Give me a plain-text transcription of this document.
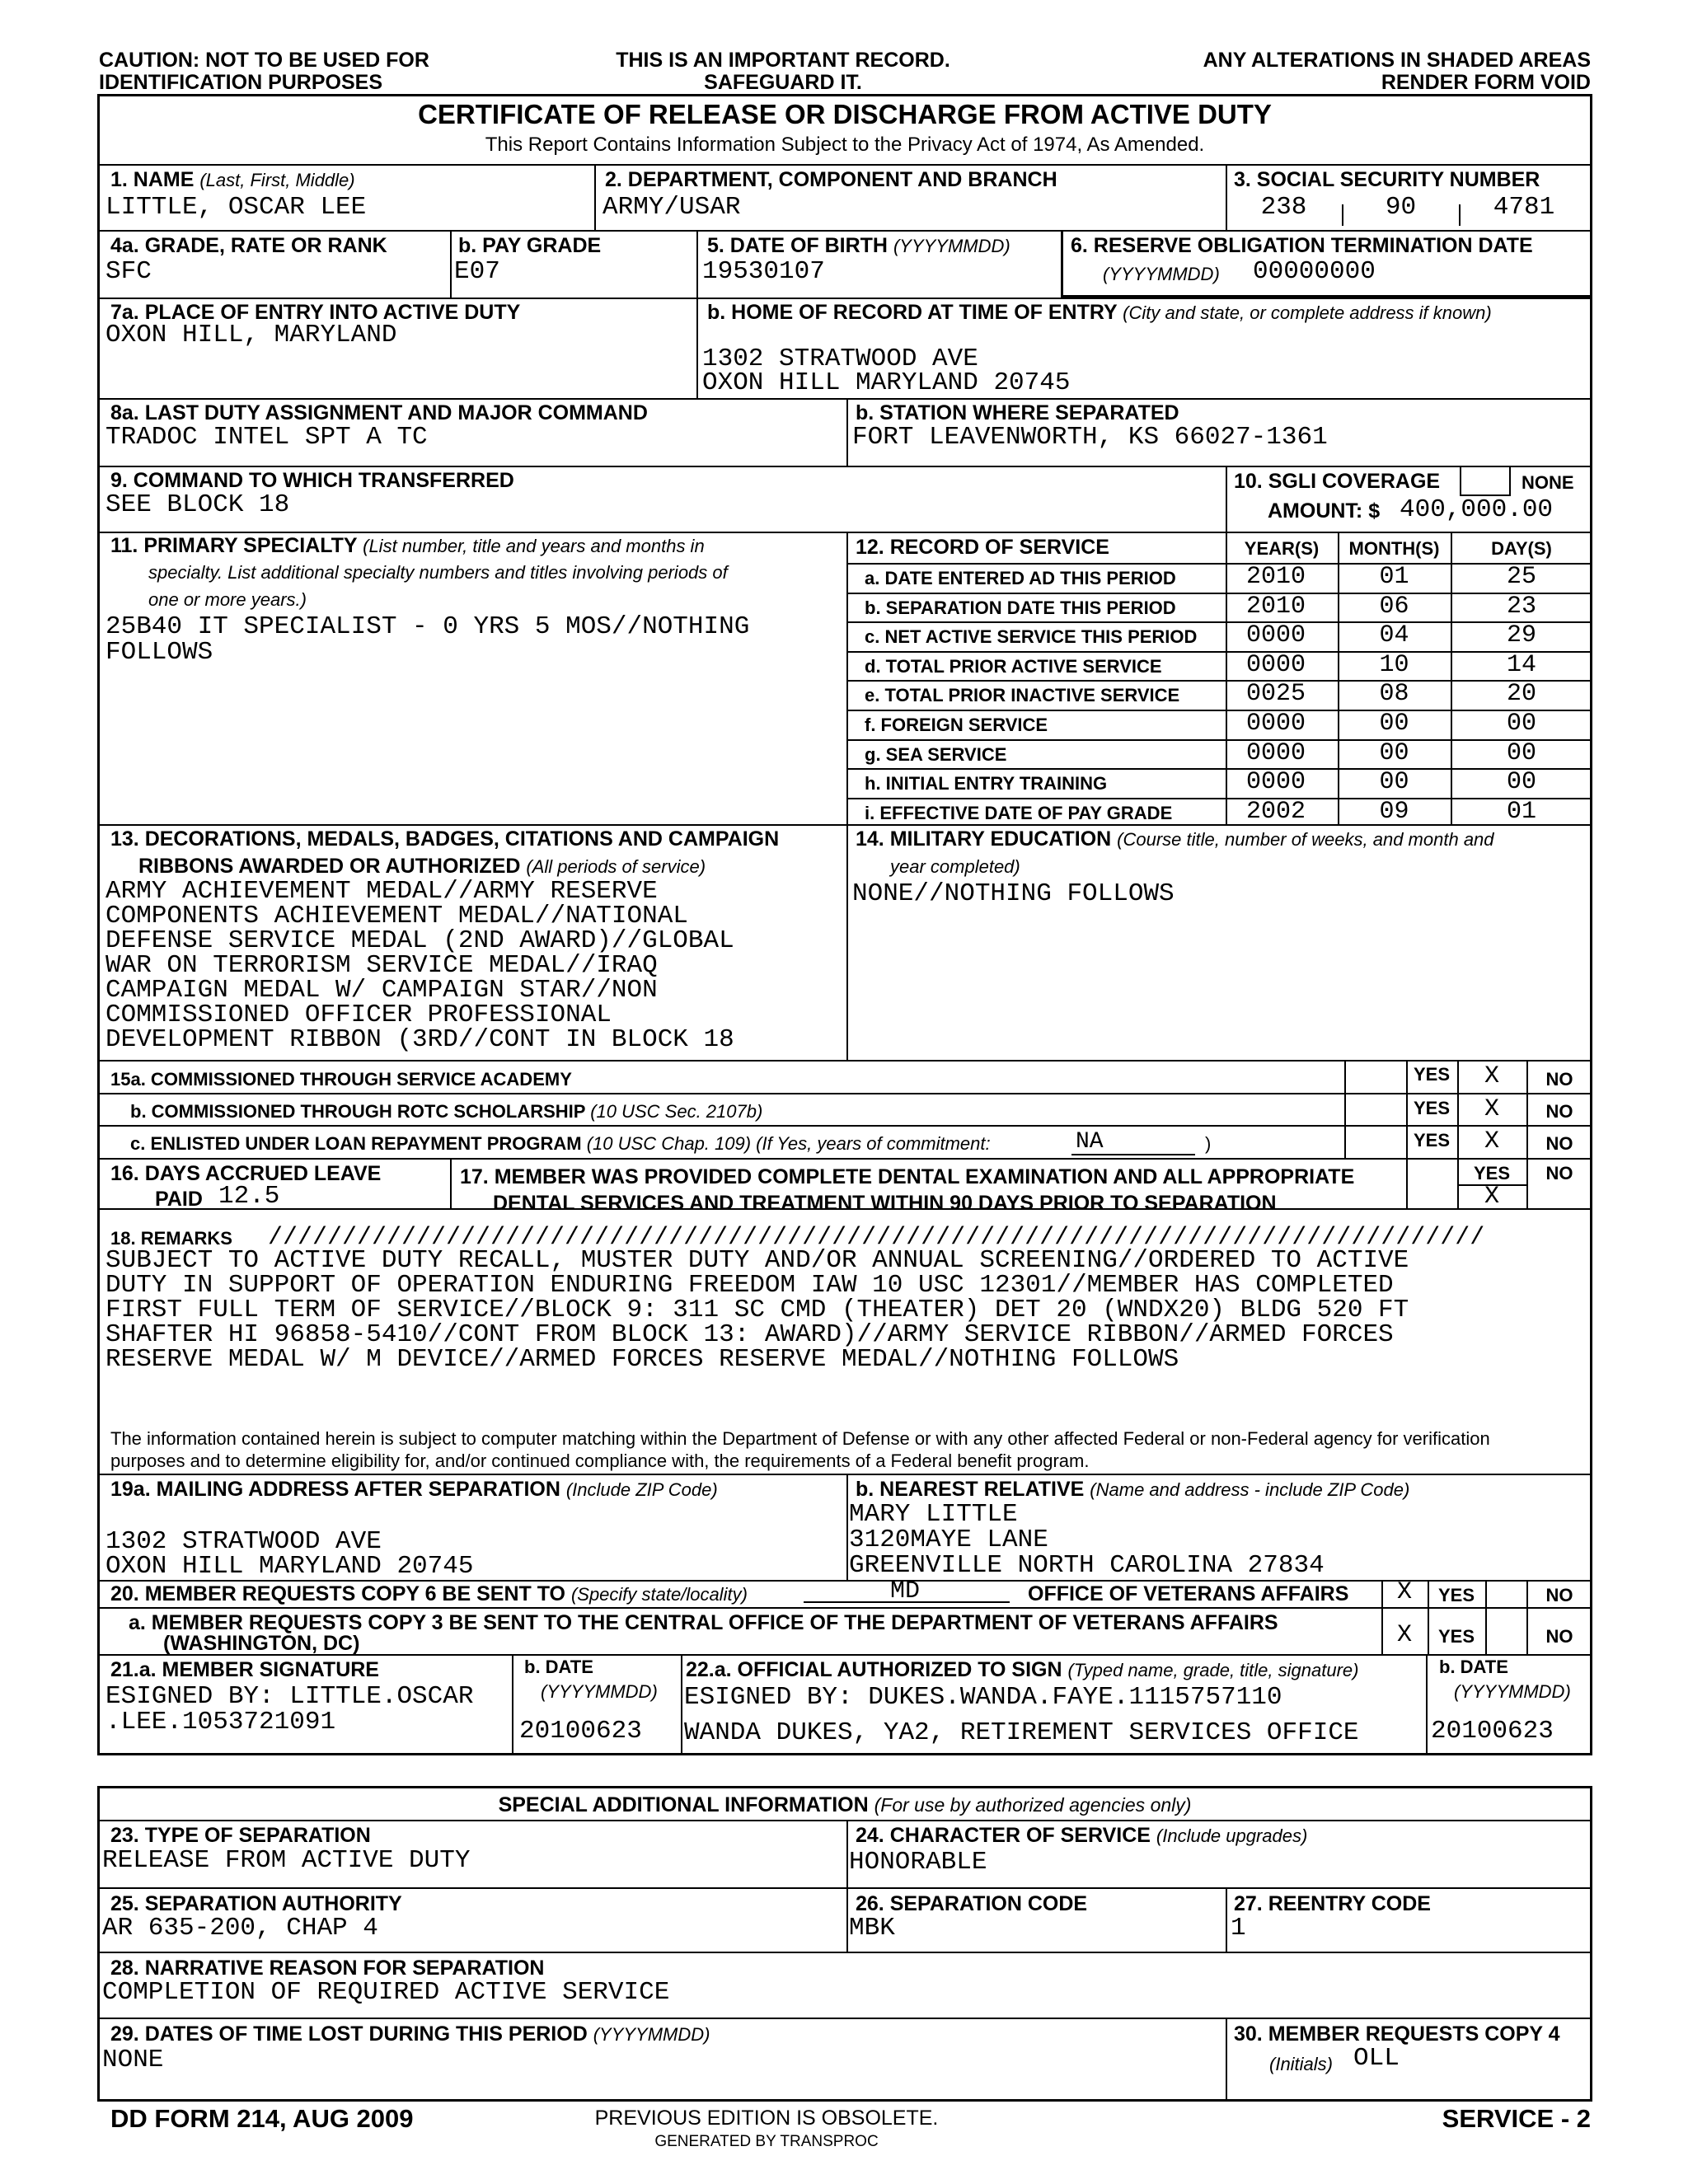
CAUTION: NOT TO BE USED FOR
IDENTIFICATION PURPOSES
THIS IS AN IMPORTANT RECORD.
SAFEGUARD IT.
ANY ALTERATIONS IN SHADED AREAS
RENDER FORM VOID
CERTIFICATE OF RELEASE OR DISCHARGE FROM ACTIVE DUTY
This Report Contains Information Subject to the Privacy Act of 1974, As Amended.
1. NAME (Last, First, Middle)
LITTLE, OSCAR LEE
2. DEPARTMENT, COMPONENT AND BRANCH
ARMY/USAR
3. SOCIAL SECURITY NUMBER
238	90	4781
4a. GRADE, RATE OR RANK
SFC
b. PAY GRADE
E07
5. DATE OF BIRTH (YYYYMMDD)
19530107
6. RESERVE OBLIGATION TERMINATION DATE
(YYYYMMDD) 00000000
7a. PLACE OF ENTRY INTO ACTIVE DUTY
OXON HILL, MARYLAND
b. HOME OF RECORD AT TIME OF ENTRY (City and state, or complete address if known)
1302 STRATWOOD AVE
OXON HILL MARYLAND 20745
8a. LAST DUTY ASSIGNMENT AND MAJOR COMMAND
TRADOC INTEL SPT A TC
b. STATION WHERE SEPARATED
FORT LEAVENWORTH, KS 66027-1361
9. COMMAND TO WHICH TRANSFERRED
SEE BLOCK 18
10. SGLI COVERAGE	NONE
AMOUNT: $ 400,000.00
11. PRIMARY SPECIALTY (List number, title and years and months in
specialty. List additional specialty numbers and titles involving periods of
one or more years.)
25B40 IT SPECIALIST - 0 YRS 5 MOS//NOTHING
FOLLOWS
12. RECORD OF SERVICE	YEAR(S)	MONTH(S)	DAY(S)
a. DATE ENTERED AD THIS PERIOD	2010	01	25
b. SEPARATION DATE THIS PERIOD	2010	06	23
c. NET ACTIVE SERVICE THIS PERIOD	0000	04	29
d. TOTAL PRIOR ACTIVE SERVICE	0000	10	14
e. TOTAL PRIOR INACTIVE SERVICE	0025	08	20
f. FOREIGN SERVICE	0000	00	00
g. SEA SERVICE	0000	00	00
h. INITIAL ENTRY TRAINING	0000	00	00
i. EFFECTIVE DATE OF PAY GRADE	2002	09	01
13. DECORATIONS, MEDALS, BADGES, CITATIONS AND CAMPAIGN
RIBBONS AWARDED OR AUTHORIZED (All periods of service)
ARMY ACHIEVEMENT MEDAL//ARMY RESERVE
COMPONENTS ACHIEVEMENT MEDAL//NATIONAL
DEFENSE SERVICE MEDAL (2ND AWARD)//GLOBAL
WAR ON TERRORISM SERVICE MEDAL//IRAQ
CAMPAIGN MEDAL W/ CAMPAIGN STAR//NON
COMMISSIONED OFFICER PROFESSIONAL
DEVELOPMENT RIBBON (3RD//CONT IN BLOCK 18
14. MILITARY EDUCATION (Course title, number of weeks, and month and
year completed)
NONE//NOTHING FOLLOWS
15a. COMMISSIONED THROUGH SERVICE ACADEMY	YES	X	NO
b. COMMISSIONED THROUGH ROTC SCHOLARSHIP (10 USC Sec. 2107b)	YES	X	NO
c. ENLISTED UNDER LOAN REPAYMENT PROGRAM (10 USC Chap. 109) (If Yes, years of commitment:	NA	)	YES	X	NO
16. DAYS ACCRUED LEAVE
PAID 12.5
17. MEMBER WAS PROVIDED COMPLETE DENTAL EXAMINATION AND ALL APPROPRIATE
DENTAL SERVICES AND TREATMENT WITHIN 90 DAYS PRIOR TO SEPARATION
YES	NO
X
18. REMARKS //////////////////////////////////////////////////////////////////////////////////
SUBJECT TO ACTIVE DUTY RECALL, MUSTER DUTY AND/OR ANNUAL SCREENING//ORDERED TO ACTIVE
DUTY IN SUPPORT OF OPERATION ENDURING FREEDOM IAW 10 USC 12301//MEMBER HAS COMPLETED
FIRST FULL TERM OF SERVICE//BLOCK 9: 311 SC CMD (THEATER) DET 20 (WNDX20) BLDG 520 FT
SHAFTER HI 96858-5410//CONT FROM BLOCK 13: AWARD)//ARMY SERVICE RIBBON//ARMED FORCES
RESERVE MEDAL W/ M DEVICE//ARMED FORCES RESERVE MEDAL//NOTHING FOLLOWS
The information contained herein is subject to computer matching within the Department of Defense or with any other affected Federal or non-Federal agency for verification
purposes and to determine eligibility for, and/or continued compliance with, the requirements of a Federal benefit program.
19a. MAILING ADDRESS AFTER SEPARATION (Include ZIP Code)
1302 STRATWOOD AVE
OXON HILL MARYLAND 20745
b. NEAREST RELATIVE (Name and address - include ZIP Code)
MARY LITTLE
3120MAYE LANE
GREENVILLE NORTH CAROLINA 27834
20. MEMBER REQUESTS COPY 6 BE SENT TO (Specify state/locality)	MD	OFFICE OF VETERANS AFFAIRS	X	YES	NO
a. MEMBER REQUESTS COPY 3 BE SENT TO THE CENTRAL OFFICE OF THE DEPARTMENT OF VETERANS AFFAIRS
(WASHINGTON, DC)	X	YES	NO
21.a. MEMBER SIGNATURE
ESIGNED BY: LITTLE.OSCAR
.LEE.1053721091
b. DATE
(YYYYMMDD)
20100623
22.a. OFFICIAL AUTHORIZED TO SIGN (Typed name, grade, title, signature)
ESIGNED BY: DUKES.WANDA.FAYE.1115757110
WANDA DUKES, YA2, RETIREMENT SERVICES OFFICE
b. DATE
(YYYYMMDD)
20100623
SPECIAL ADDITIONAL INFORMATION (For use by authorized agencies only)
23. TYPE OF SEPARATION
RELEASE FROM ACTIVE DUTY
24. CHARACTER OF SERVICE (Include upgrades)
HONORABLE
25. SEPARATION AUTHORITY
AR 635-200, CHAP 4
26. SEPARATION CODE
MBK
27. REENTRY CODE
1
28. NARRATIVE REASON FOR SEPARATION
COMPLETION OF REQUIRED ACTIVE SERVICE
29. DATES OF TIME LOST DURING THIS PERIOD (YYYYMMDD)
NONE
30. MEMBER REQUESTS COPY 4
(Initials) OLL
DD FORM 214, AUG 2009	PREVIOUS EDITION IS OBSOLETE.
GENERATED BY TRANSPROC
SERVICE - 2
